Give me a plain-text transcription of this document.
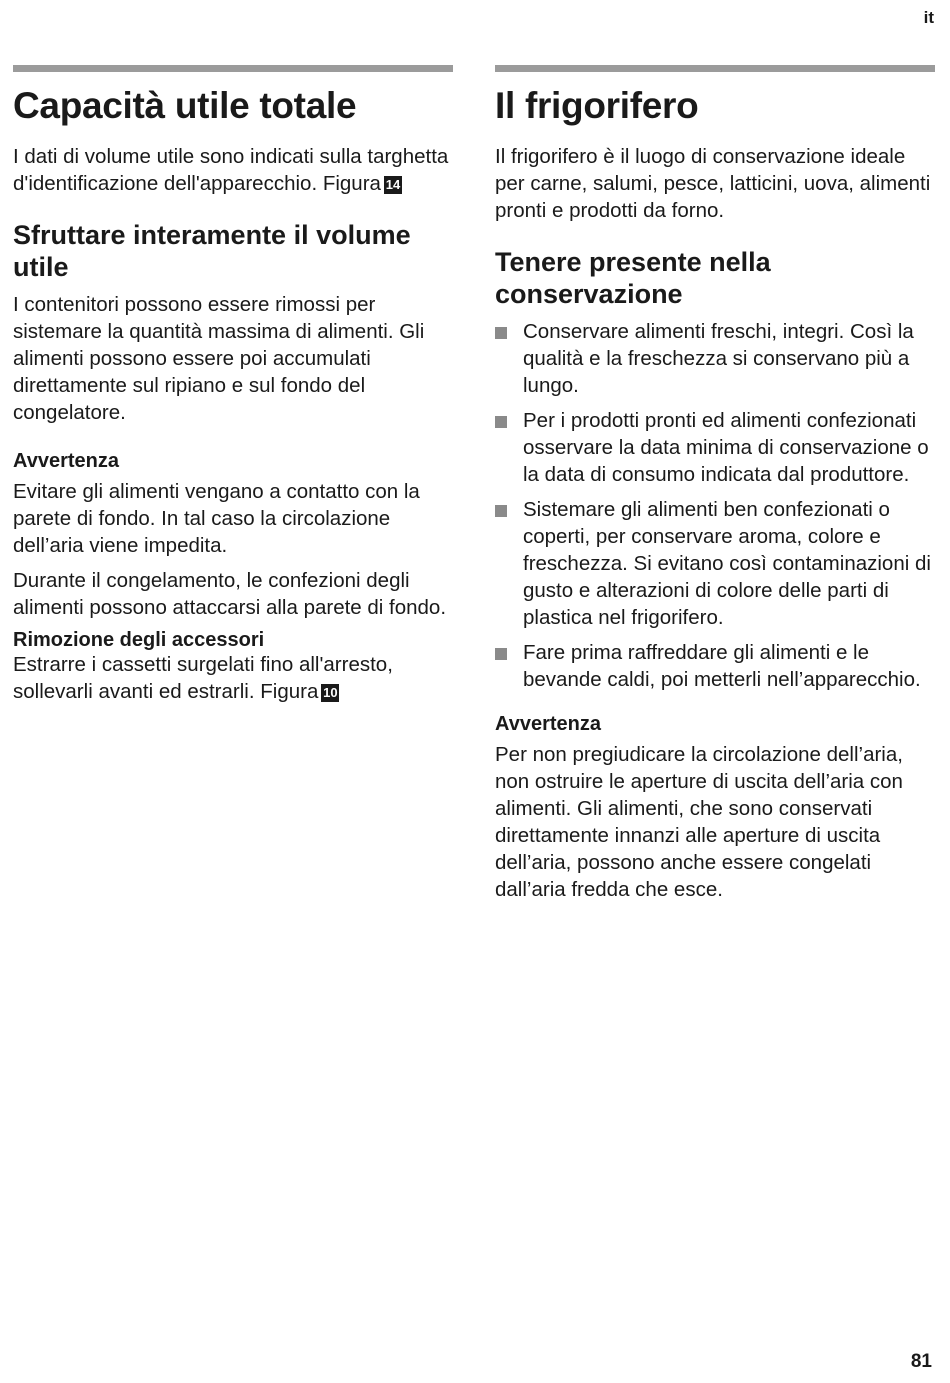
it
Capacità utile totale

I dati di volume utile sono indicati sulla targhetta d'identificazione dell'apparecchio. Figura 14

Sfruttare interamente il volume utile

I contenitori possono essere rimossi per sistemare la quantità massima di alimenti. Gli alimenti possono essere poi accumulati direttamente sul ripiano e sul fondo del congelatore.

Avvertenza

Evitare gli alimenti vengano a contatto con la parete di fondo. In tal caso la circolazione dell’aria viene impedita.

Durante il congelamento, le confezioni degli alimenti possono attaccarsi alla parete di fondo.

Rimozione degli accessori

Estrarre i cassetti surgelati fino all'arresto, sollevarli avanti ed estrarli. Figura 10

Il frigorifero

Il frigorifero è il luogo di conservazione ideale per carne, salumi, pesce, latticini, uova, alimenti pronti e prodotti da forno.

Tenere presente nella conservazione
Conservare alimenti freschi, integri. Così la qualità e la freschezza si conservano più a lungo.
Per i prodotti pronti ed alimenti confezionati osservare la data minima di conservazione o la data di consumo indicata dal produttore.
Sistemare gli alimenti ben confezionati o coperti, per conservare aroma, colore e freschezza. Si evitano così contaminazioni di gusto e alterazioni di colore delle parti di plastica nel frigorifero.
Fare prima raffreddare gli alimenti e le bevande caldi, poi metterli nell’apparecchio.
Avvertenza

Per non pregiudicare la circolazione dell’aria, non ostruire le aperture di uscita dell’aria con alimenti. Gli alimenti, che sono conservati direttamente innanzi alle aperture di uscita dell’aria, possono anche essere congelati dall’aria fredda che esce.

81
